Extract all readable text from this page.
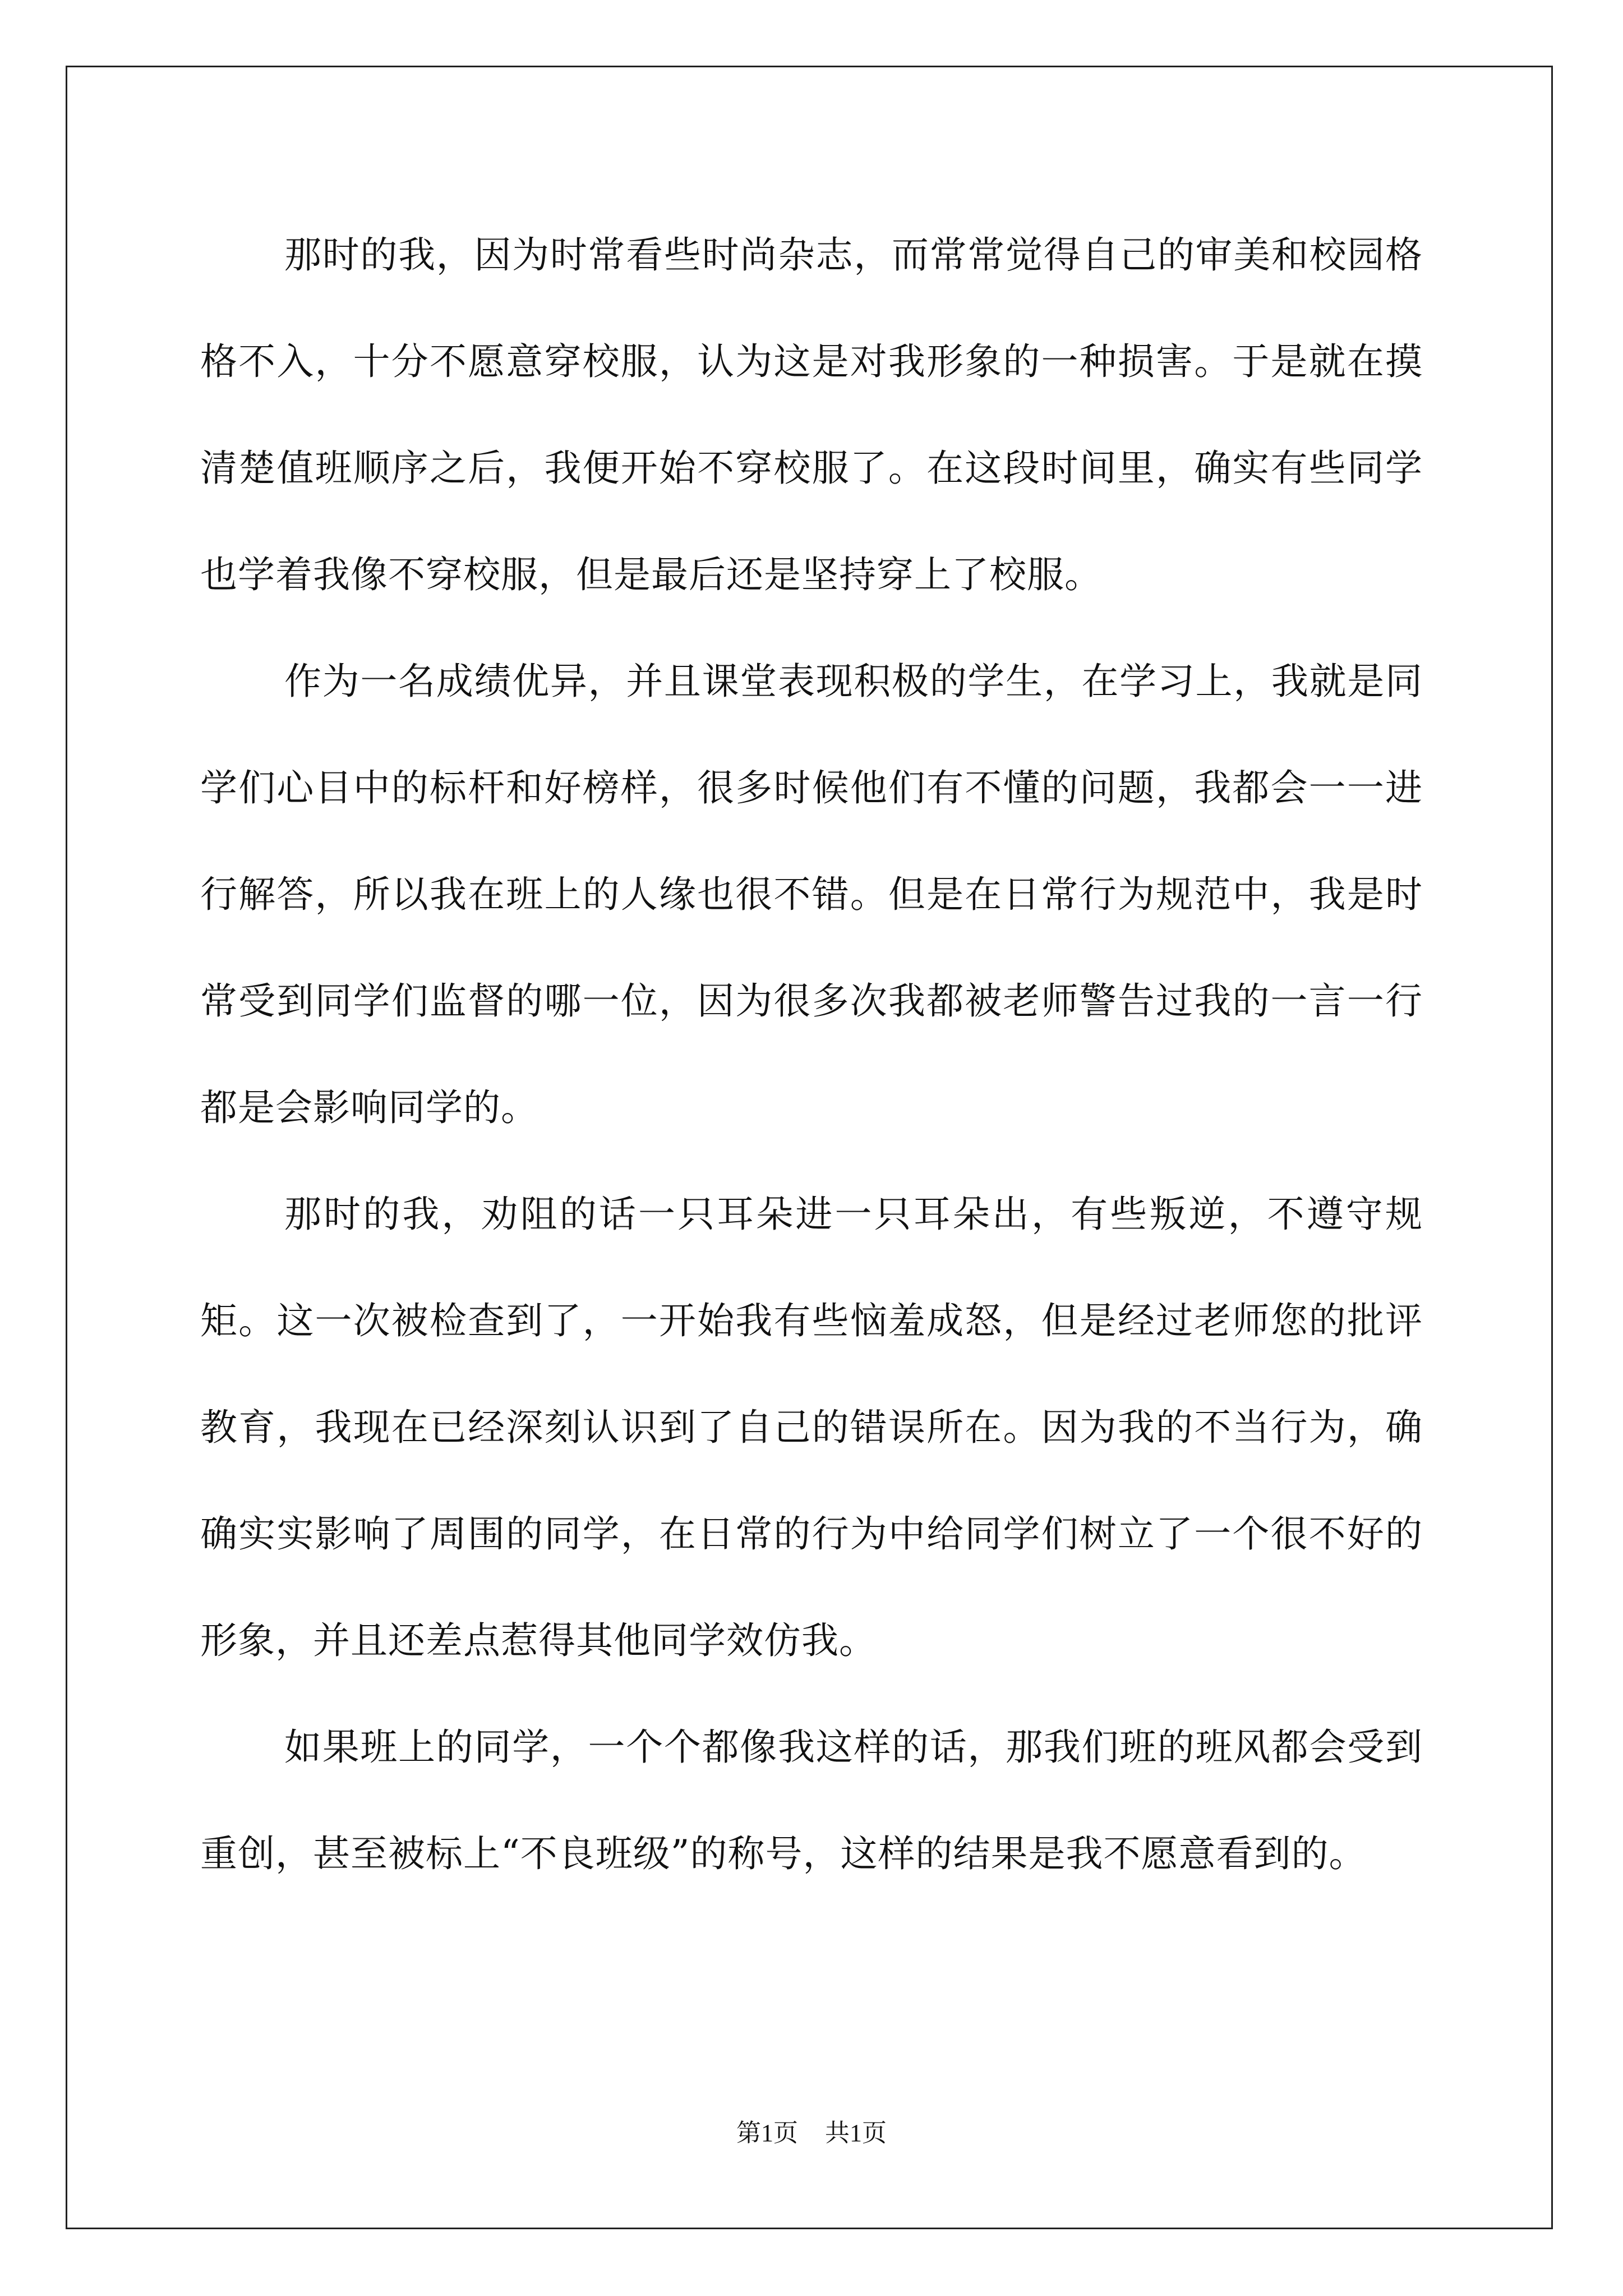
那时的我，因为时常看些时尚杂志，而常常觉得自己的审美和校园格格不入，十分不愿意穿校服，认为这是对我形象的一种损害。于是就在摸清楚值班顺序之后，我便开始不穿校服了。在这段时间里，确实有些同学也学着我像不穿校服，但是最后还是坚持穿上了校服。

作为一名成绩优异，并且课堂表现积极的学生，在学习上，我就是同学们心目中的标杆和好榜样，很多时候他们有不懂的问题，我都会一一进行解答，所以我在班上的人缘也很不错。但是在日常行为规范中，我是时常受到同学们监督的哪一位，因为很多次我都被老师警告过我的一言一行都是会影响同学的。

那时的我，劝阻的话一只耳朵进一只耳朵出，有些叛逆，不遵守规矩。这一次被检查到了，一开始我有些恼羞成怒，但是经过老师您的批评教育，我现在已经深刻认识到了自己的错误所在。因为我的不当行为，确确实实影响了周围的同学，在日常的行为中给同学们树立了一个很不好的形象，并且还差点惹得其他同学效仿我。

如果班上的同学，一个个都像我这样的话，那我们班的班风都会受到重创，甚至被标上“不良班级”的称号，这样的结果是我不愿意看到的。

第1页 共1页
